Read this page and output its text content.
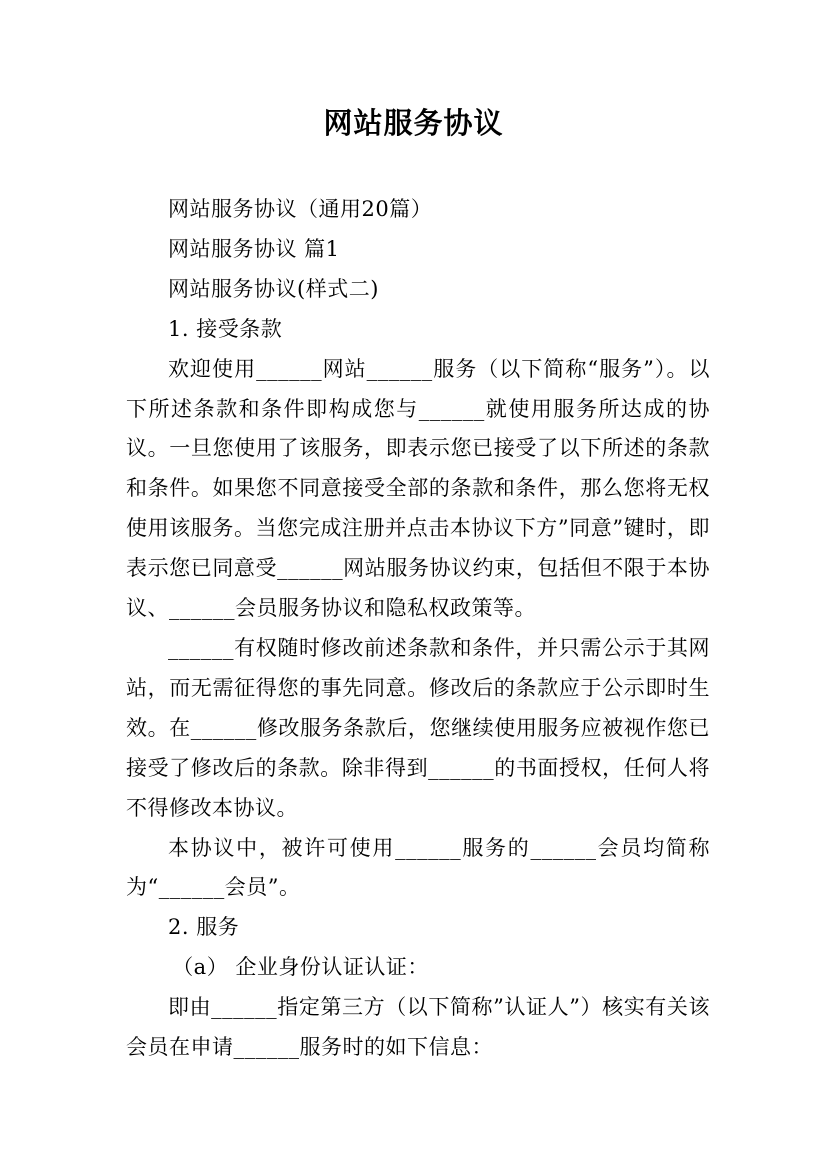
网站服务协议

网站服务协议（通用20篇）

网站服务协议 篇1

网站服务协议(样式二)

1. 接受条款

欢迎使用______网站______服务（以下简称“服务”）。以下所述条款和条件即构成您与______就使用服务所达成的协议。一旦您使用了该服务，即表示您已接受了以下所述的条款和条件。如果您不同意接受全部的条款和条件，那么您将无权使用该服务。当您完成注册并点击本协议下方”同意”键时，即表示您已同意受______网站服务协议约束，包括但不限于本协议、______会员服务协议和隐私权政策等。

______有权随时修改前述条款和条件，并只需公示于其网站，而无需征得您的事先同意。修改后的条款应于公示即时生效。在______修改服务条款后，您继续使用服务应被视作您已接受了修改后的条款。除非得到______的书面授权，任何人将不得修改本协议。

本协议中，被许可使用______服务的______会员均简称为“______会员”。

2. 服务

（a） 企业身份认证认证：

即由______指定第三方（以下简称”认证人”）核实有关该会员在申请______服务时的如下信息：
